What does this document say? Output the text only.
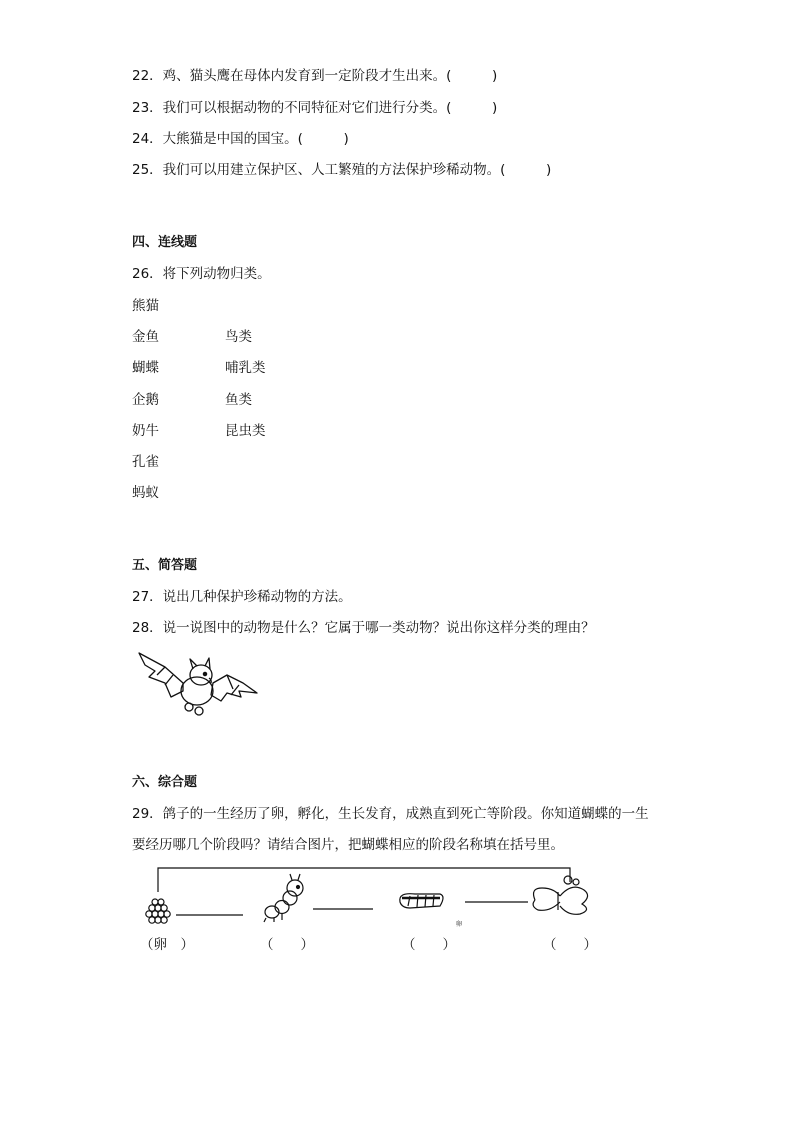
22．鸡、猫头鹰在母体内发育到一定阶段才生出来。(　　　)
23．我们可以根据动物的不同特征对它们进行分类。(　　　)
24．大熊猫是中国的国宝。(　　　)
25．我们可以用建立保护区、人工繁殖的方法保护珍稀动物。(　　　)
四、连线题
26．将下列动物归类。
熊猫
金鱼
蝴蝶
企鹅
奶牛
孔雀
蚂蚁
鸟类
哺乳类
鱼类
昆虫类
五、简答题
27．说出几种保护珍稀动物的方法。
28．说一说图中的动物是什么？它属于哪一类动物？说出你这样分类的理由？
六、综合题
29．鸽子的一生经历了卵，孵化，生长发育，成熟直到死亡等阶段。你知道蝴蝶的一生
要经历哪几个阶段吗？请结合图片，把蝴蝶相应的阶段名称填在括号里。
卵
（卵　）	（　　）	（　　）	（　　）
